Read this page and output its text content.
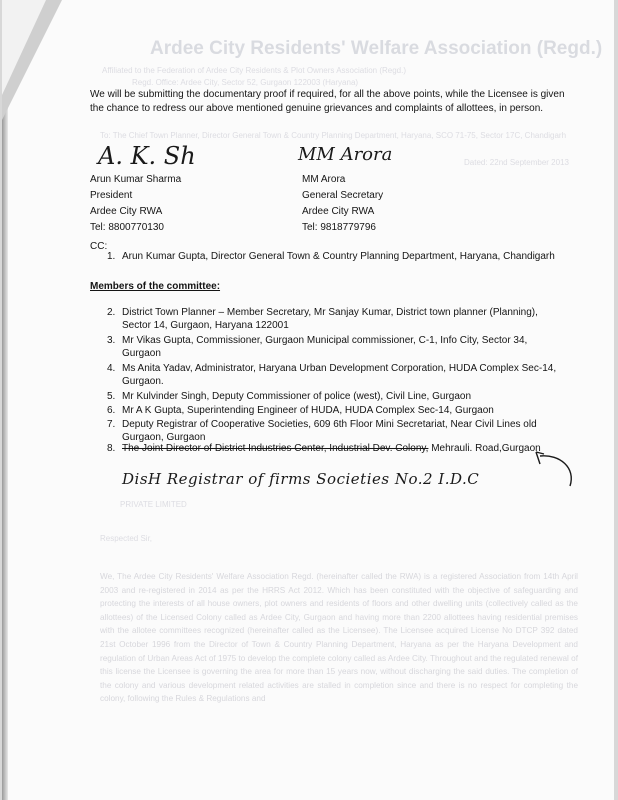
Ardee City Residents' Welfare Association (Regd.)
Affiliated to the Federation of Ardee City Residents & Plot Owners Association (Regd.)
Regd. Office: Ardee City, Sector 52, Gurgaon 122003 (Haryana)
Dated: 22nd September 2013
To: The Chief Town Planner, Director General Town & Country Planning Department, Haryana, SCO 71-75, Sector 17C, Chandigarh
PRIVATE LIMITED
Respected Sir,
We, The Ardee City Residents' Welfare Association Regd. (hereinafter called the RWA) is a registered Association from 14th April 2003 and re-registered in 2014 as per the HRRS Act 2012. Which has been constituted with the objective of safeguarding and protecting the interests of all house owners, plot owners and residents of floors and other dwelling units (collectively called as the allottees) of the Licensed Colony called as Ardee City, Gurgaon and having more than 2200 allottees having residential premises with the allotee committees recognized (hereinafter called as the Licensee). The Licensee acquired License No DTCP 392 dated 21st October 1996 from the Director of Town & Country Planning Department, Haryana as per the Haryana Development and regulation of Urban Areas Act of 1975 to develop the complete colony called as Ardee City. Throughout and the regulated renewal of this license the Licensee is governing the area for more than 15 years now, without discharging the said duties. The completion of the colony and various development related activities are stalled in completion since and there is no respect for completing the colony, following the Rules & Regulations and
We will be submitting the documentary proof if required, for all the above points, while the Licensee is given the chance to redress our above mentioned genuine grievances and complaints of allottees, in person.
A. K. Sh
Arun Kumar Sharma
President
Ardee City RWA
Tel: 8800770130
MM Arora
MM Arora
General Secretary
Ardee City RWA
Tel: 9818779796
CC:
1. Arun Kumar Gupta, Director General Town & Country Planning Department, Haryana, Chandigarh
Members of the committee:
2. District Town Planner – Member Secretary, Mr Sanjay Kumar, District town planner (Planning), Sector 14, Gurgaon, Haryana 122001
3. Mr Vikas Gupta, Commissioner, Gurgaon Municipal commissioner, C-1, Info City, Sector 34, Gurgaon
4. Ms Anita Yadav, Administrator, Haryana Urban Development Corporation, HUDA Complex Sec-14, Gurgaon.
5. Mr Kulvinder Singh, Deputy Commissioner of police (west), Civil Line, Gurgaon
6. Mr A K Gupta, Superintending Engineer of HUDA, HUDA Complex Sec-14, Gurgaon
7. Deputy Registrar of Cooperative Societies, 609 6th Floor Mini Secretariat, Near Civil Lines old Gurgaon, Gurgaon
8. The Joint Director of District Industries Center, Industrial Dev. Colony, Mehrauli. Road,Gurgaon
DisH Registrar of firms Societies No.2 I.D.C
